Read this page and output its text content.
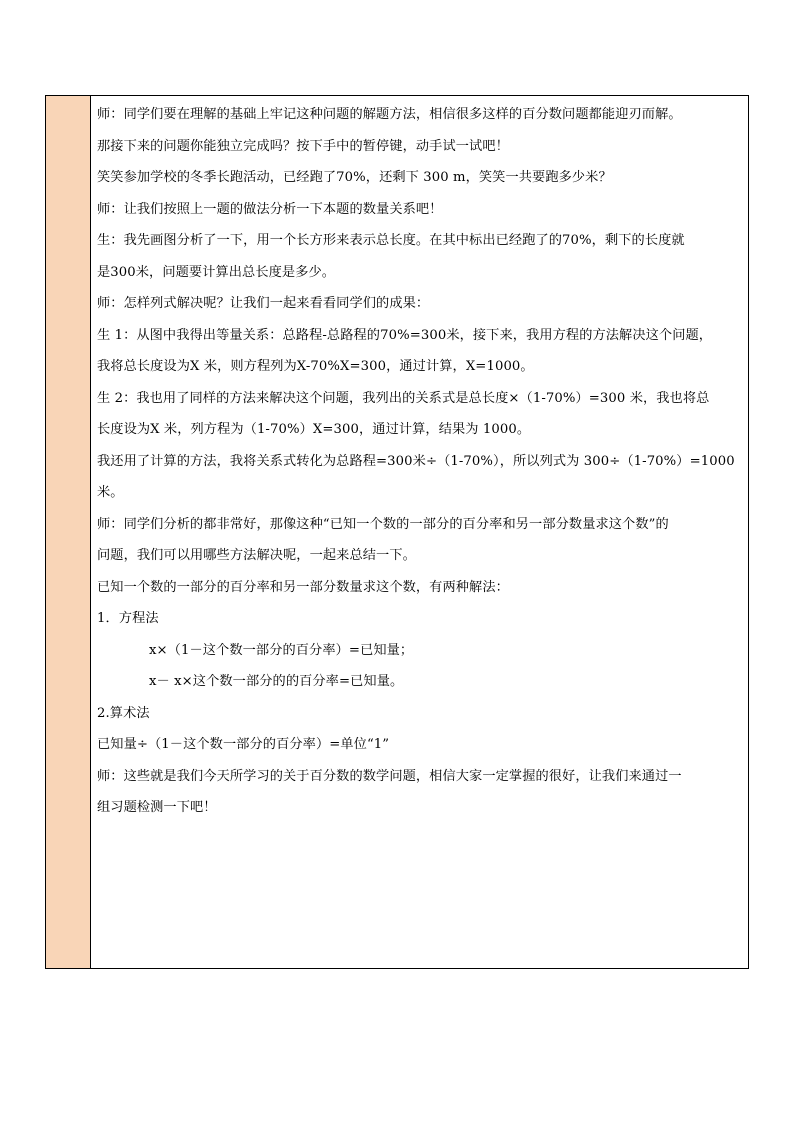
师：同学们要在理解的基础上牢记这种问题的解题方法，相信很多这样的百分数问题都能迎刃而解。
那接下来的问题你能独立完成吗？按下手中的暂停键，动手试一试吧！
笑笑参加学校的冬季长跑活动，已经跑了70%，还剩下 300 m，笑笑一共要跑多少米？
师：让我们按照上一题的做法分析一下本题的数量关系吧！
生：我先画图分析了一下，用一个长方形来表示总长度。在其中标出已经跑了的70%，剩下的长度就
是300米，问题要计算出总长度是多少。
师：怎样列式解决呢？让我们一起来看看同学们的成果：
生 1：从图中我得出等量关系：总路程-总路程的70%=300米，接下来，我用方程的方法解决这个问题，
我将总长度设为X 米，则方程列为X-70%X=300，通过计算，X=1000。
生 2：我也用了同样的方法来解决这个问题，我列出的关系式是总长度×（1-70%）=300 米，我也将总
长度设为X 米，列方程为（1-70%）X=300，通过计算，结果为 1000。
我还用了计算的方法，我将关系式转化为总路程=300米÷（1-70%），所以列式为 300÷（1-70%）=1000
米。
师：同学们分析的都非常好，那像这种“已知一个数的一部分的百分率和另一部分数量求这个数”的
问题，我们可以用哪些方法解决呢，一起来总结一下。
已知一个数的一部分的百分率和另一部分数量求这个数，有两种解法：
1．方程法
x×（1－这个数一部分的百分率）=已知量；
x－ x×这个数一部分的的百分率=已知量。
2.算术法
已知量÷（1－这个数一部分的百分率）=单位“1”
师：这些就是我们今天所学习的关于百分数的数学问题，相信大家一定掌握的很好，让我们来通过一
组习题检测一下吧！
